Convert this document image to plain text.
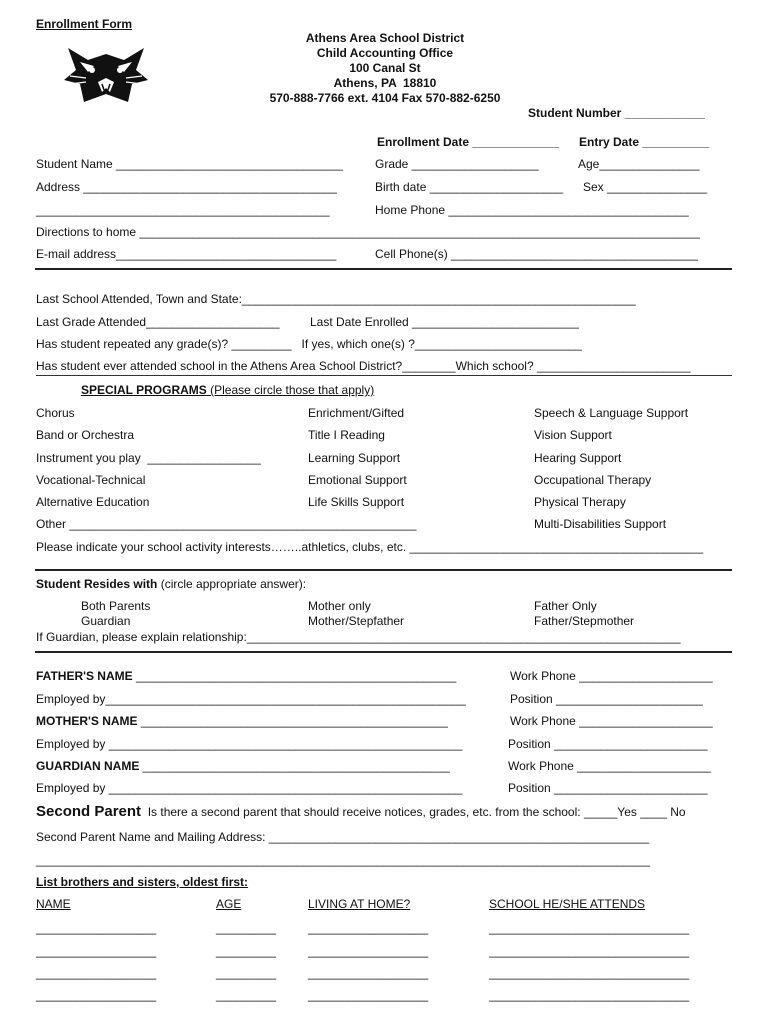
Enrollment Form
Athens Area School District
Child Accounting Office
100 Canal St
Athens, PA  18810
570-888-7766 ext. 4104 Fax 570-882-6250
Student Number ____________
Enrollment Date _____________ Entry Date __________
Student Name __________________________________	Grade ___________________	Age_______________
Address ______________________________________	Birth date ____________________ Sex _______________
____________________________________________	Home Phone ____________________________________
Directions to home ____________________________________________________________________________________
E-mail address_________________________________	Cell Phone(s) _____________________________________
Last School Attended, Town and State:___________________________________________________________
Last Grade Attended____________________	Last Date Enrolled _________________________
Has student repeated any grade(s)? _________   If yes, which one(s) ?_________________________
Has student ever attended school in the Athens Area School District?________Which school? _______________________
SPECIAL PROGRAMS (Please circle those that apply)
Chorus
Band or Orchestra
Instrument you play  _________________
Vocational-Technical
Alternative Education
Other ____________________________________________________
Enrichment/Gifted
Title I Reading
Learning Support
Emotional Support
Life Skills Support
Speech & Language Support
Vision Support
Hearing Support
Occupational Therapy
Physical Therapy
Multi-Disabilities Support
Please indicate your school activity interests……..athletics, clubs, etc. ____________________________________________
Student Resides with (circle appropriate answer):
Both Parents
Guardian
Mother only
Mother/Stepfather
Father Only
Father/Stepmother
If Guardian, please explain relationship:_________________________________________________________________
FATHER'S NAME ________________________________________________	Work Phone ____________________
Employed by______________________________________________________	Position ______________________
MOTHER'S NAME ______________________________________________	Work Phone ____________________
Employed by _____________________________________________________	Position _______________________
GUARDIAN NAME ______________________________________________	Work Phone ____________________
Employed by _____________________________________________________	Position _______________________
Second Parent  Is there a second parent that should receive notices, grades, etc. from the school: _____Yes ____ No
Second Parent Name and Mailing Address: _________________________________________________________
____________________________________________________________________________________________
List brothers and sisters, oldest first:
NAME	AGE	LIVING AT HOME?	SCHOOL HE/SHE ATTENDS
__________________	_________	__________________	______________________________
__________________	_________	__________________	______________________________
__________________	_________	__________________	______________________________
__________________	_________	__________________	______________________________
